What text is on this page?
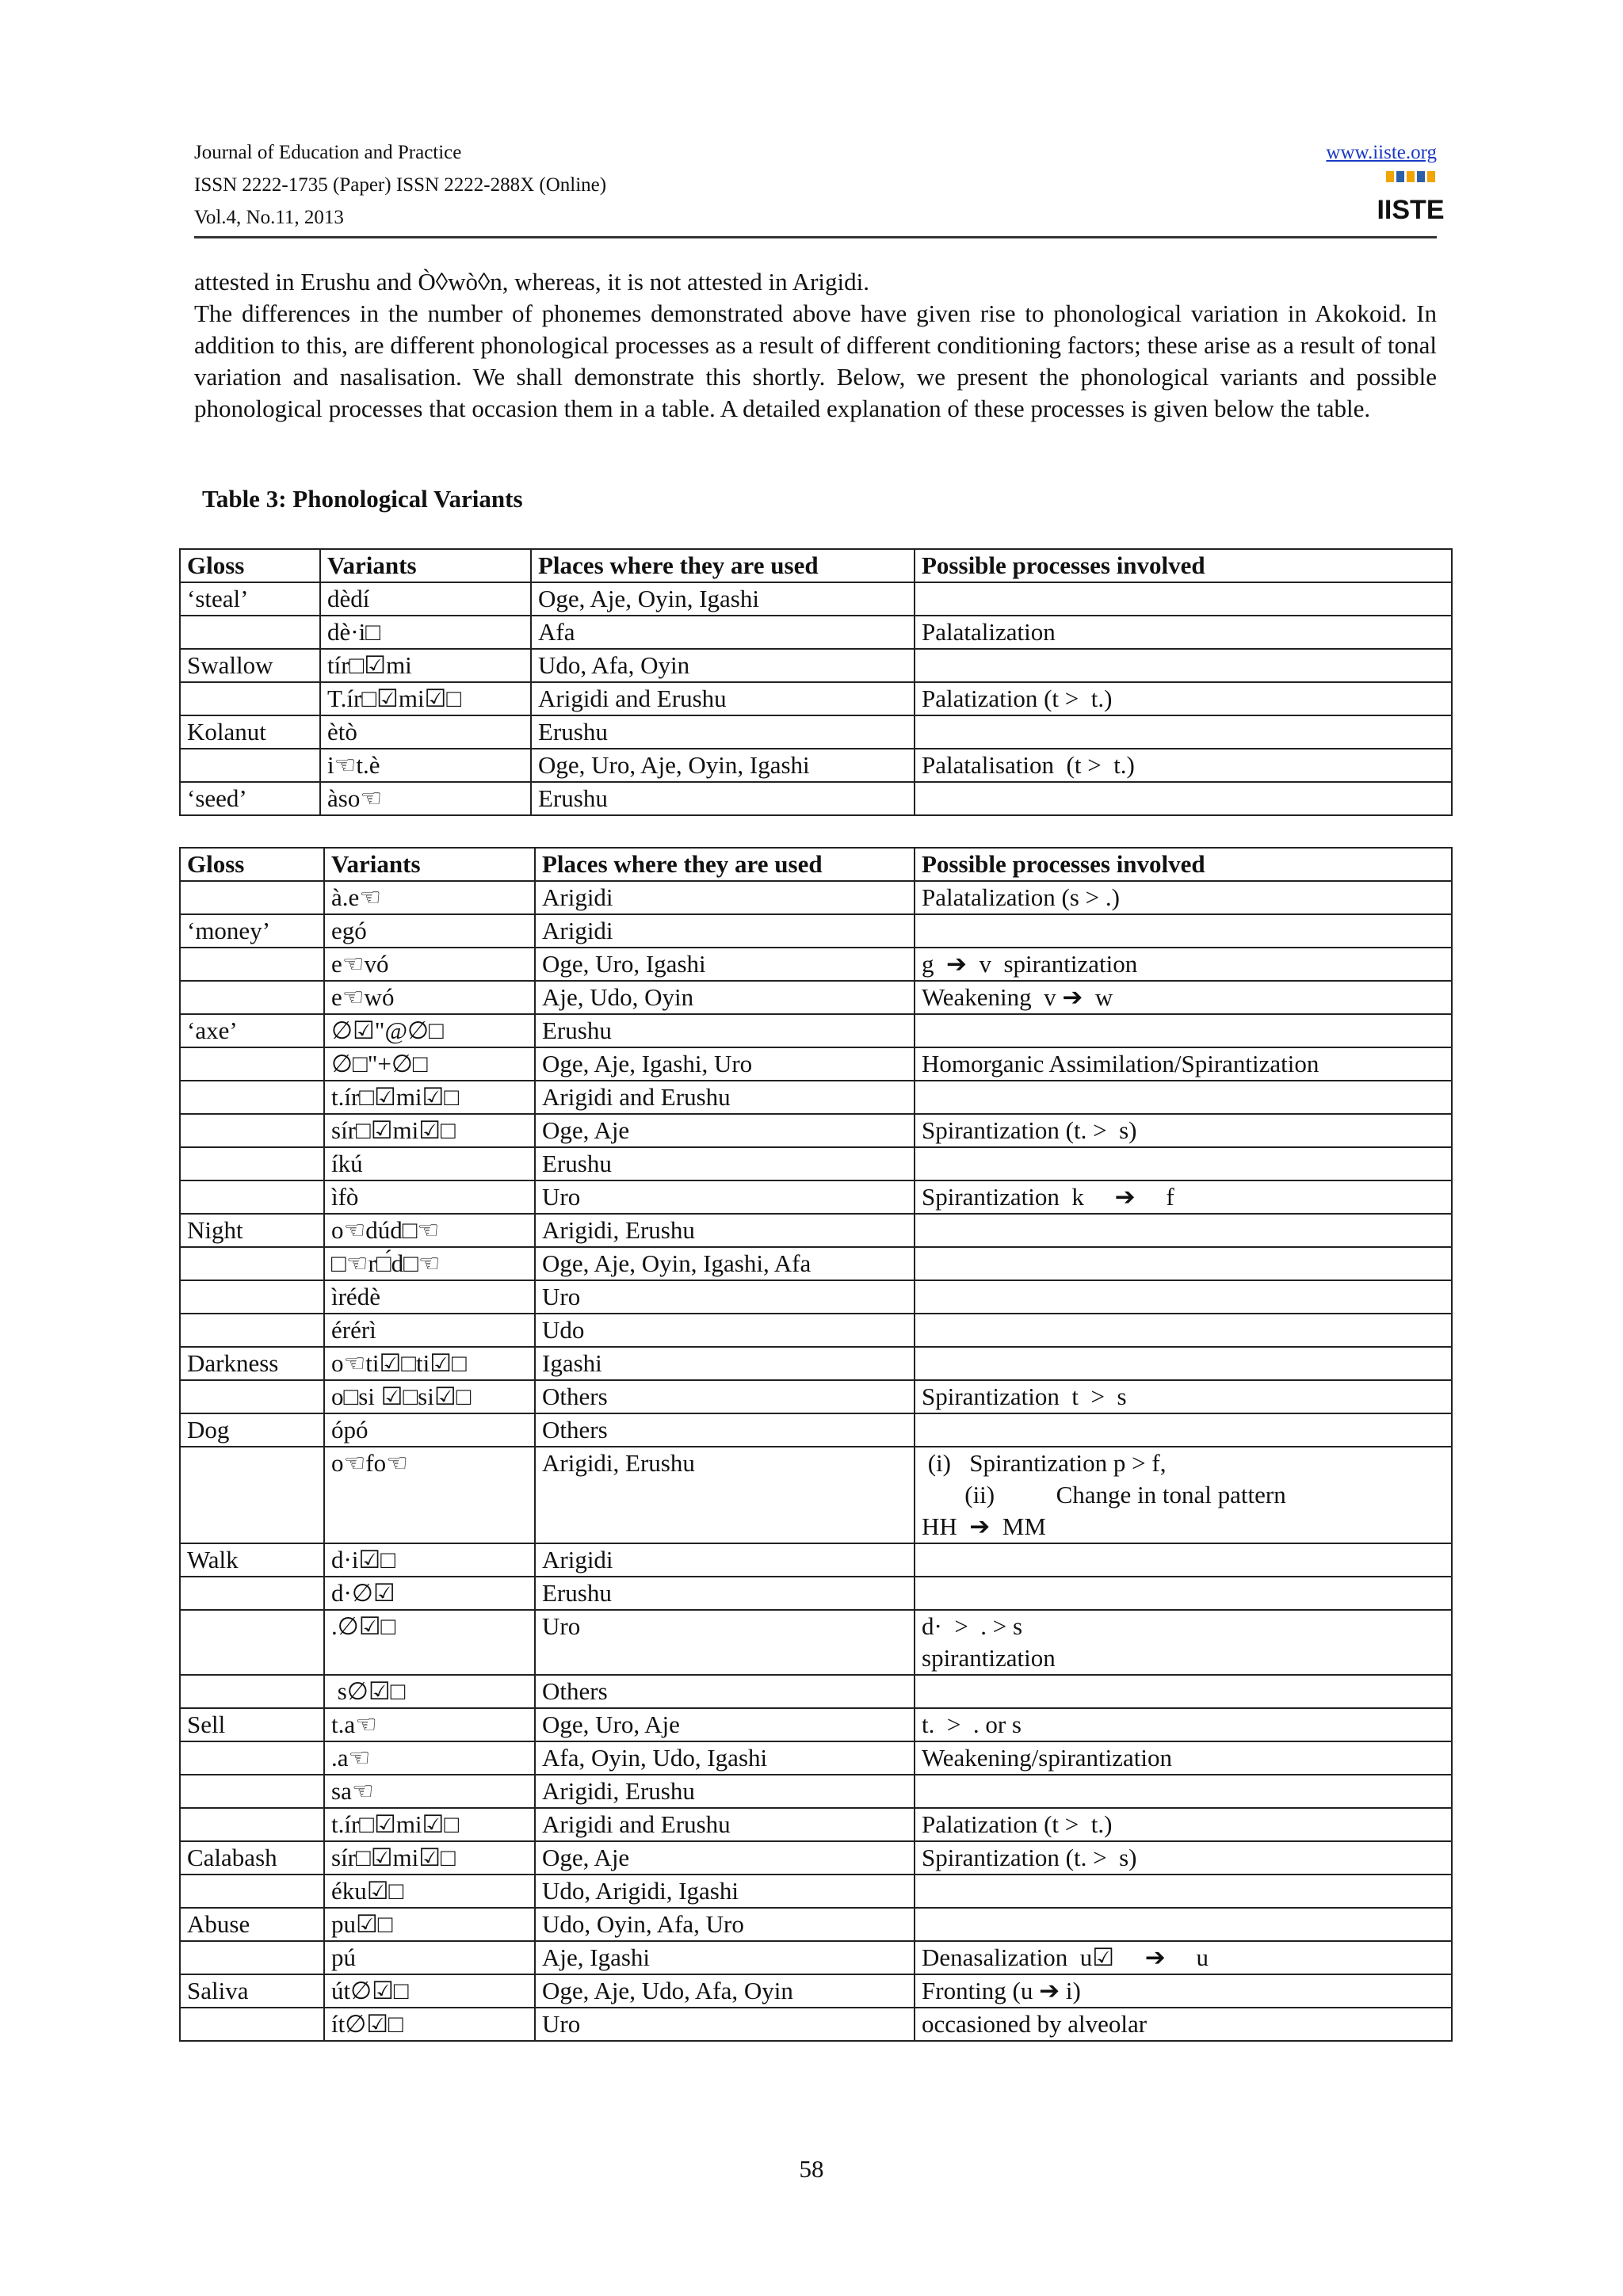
Journal of Education and Practice
ISSN 2222-1735 (Paper) ISSN 2222-288X (Online)
Vol.4, No.11, 2013
www.iiste.org
IISTE

attested in Erushu and Ò◊wò◊n, whereas, it is not attested in Arigidi.

The differences in the number of phonemes demonstrated above have given rise to phonological variation in Akokoid. In addition to this, are different phonological processes as a result of different conditioning factors; these arise as a result of tonal variation and nasalisation. We shall demonstrate this shortly. Below, we present the phonological variants and possible phonological processes that occasion them in a table. A detailed explanation of these processes is given below the table.

Table 3: Phonological Variants
Gloss	Variants	Places where they are used	Possible processes involved
‘steal’	dèdí	Oge, Aje, Oyin, Igashi	
	dè·i□	Afa	Palatalization
Swallow	tír□☑mi	Udo, Afa, Oyin	
	T.ír□☑mi☑□	Arigidi and Erushu	Palatization (t >  t.)
Kolanut	ètò	Erushu	
	i☜t.è	Oge, Uro, Aje, Oyin, Igashi	Palatalisation  (t >  t.)
‘seed’	àso☜	Erushu	
Gloss	Variants	Places where they are used	Possible processes involved
	à.e☜	Arigidi	Palatalization (s > .)
‘money’	egó	Arigidi	
	e☜vó	Oge, Uro, Igashi	g  ➔  v  spirantization
	e☜wó	Aje, Udo, Oyin	Weakening  v ➔  w
‘axe’	∅☑"@∅□	Erushu	
	∅□"+∅□	Oge, Aje, Igashi, Uro	Homorganic Assimilation/Spirantization
	t.ír□☑mi☑□	Arigidi and Erushu	
	sír□☑mi☑□	Oge, Aje	Spirantization (t. >  s)
	íkú	Erushu	
	ìfò	Uro	Spirantization  k     ➔     f
Night	o☜dúd□☜	Arigidi, Erushu	
	□☜r□́d□☜	Oge, Aje, Oyin, Igashi, Afa	
	ìrédè	Uro	
	érérì	Udo	
Darkness	o☜ti☑□ti☑□	Igashi	
	o□si ☑□si☑□	Others	Spirantization  t  >  s
Dog	ópó	Others	
	o☜fo☜	Arigidi, Erushu	(i)   Spirantization p > f,
(ii)          Change in tonal pattern
HH  ➔  MM
Walk	d·i☑□	Arigidi	
	d·∅☑	Erushu	
	.∅☑□	Uro	d·  >  . > s
spirantization
	s∅☑□	Others	
Sell	t.a☜	Oge, Uro, Aje	t.  >  . or s
	.a☜	Afa, Oyin, Udo, Igashi	Weakening/spirantization
	sa☜	Arigidi, Erushu	
	t.ír□☑mi☑□	Arigidi and Erushu	Palatization (t >  t.)
Calabash	sír□☑mi☑□	Oge, Aje	Spirantization (t. >  s)
	éku☑□	Udo, Arigidi, Igashi	
Abuse	pu☑□	Udo, Oyin, Afa, Uro	
	pú	Aje, Igashi	Denasalization  u☑     ➔     u
Saliva	út∅☑□	Oge, Aje, Udo, Afa, Oyin	Fronting (u ➔ i)
	ít∅☑□	Uro	occasioned by alveolar
58
